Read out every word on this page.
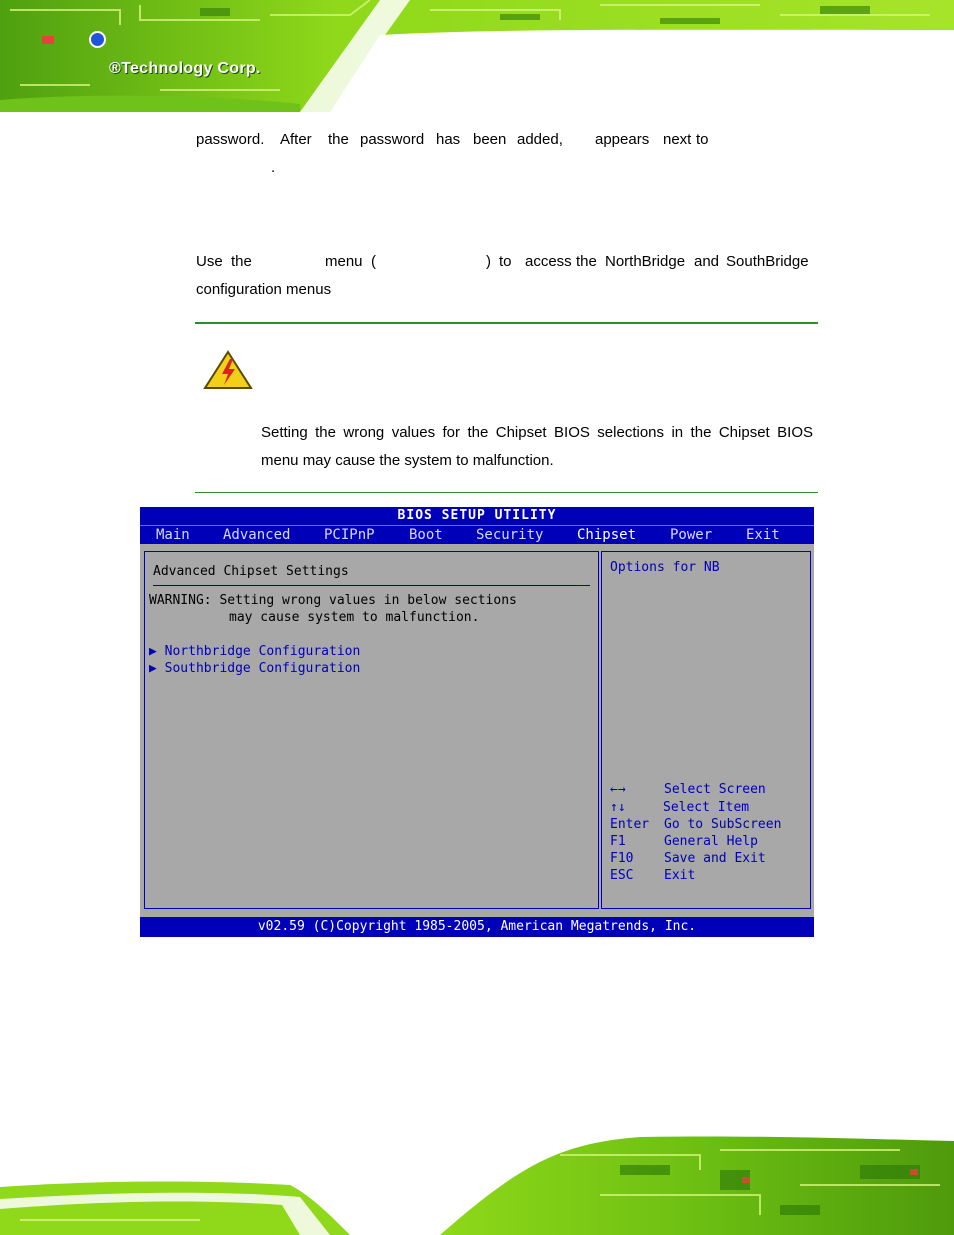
®Technology Corp.
password. After the password has been added, appears next to
.
Use the	menu (	) to access the NorthBridge and SouthBridge
configuration menus
Setting the wrong values for the Chipset BIOS selections in the Chipset BIOS menu may cause the system to malfunction.
BIOS SETUP UTILITY
Main Advanced PCIPnP Boot Security Chipset Power Exit
Advanced Chipset Settings
WARNING: Setting wrong values in below sections
may cause system to malfunction.
▶ Northbridge Configuration
▶ Southbridge Configuration
Options for NB
←→	Select Screen
↑↓	Select Item
Enter Go to SubScreen
F1	General Help
F10 Save and Exit
ESC Exit
v02.59 (C)Copyright 1985-2005, American Megatrends, Inc.
